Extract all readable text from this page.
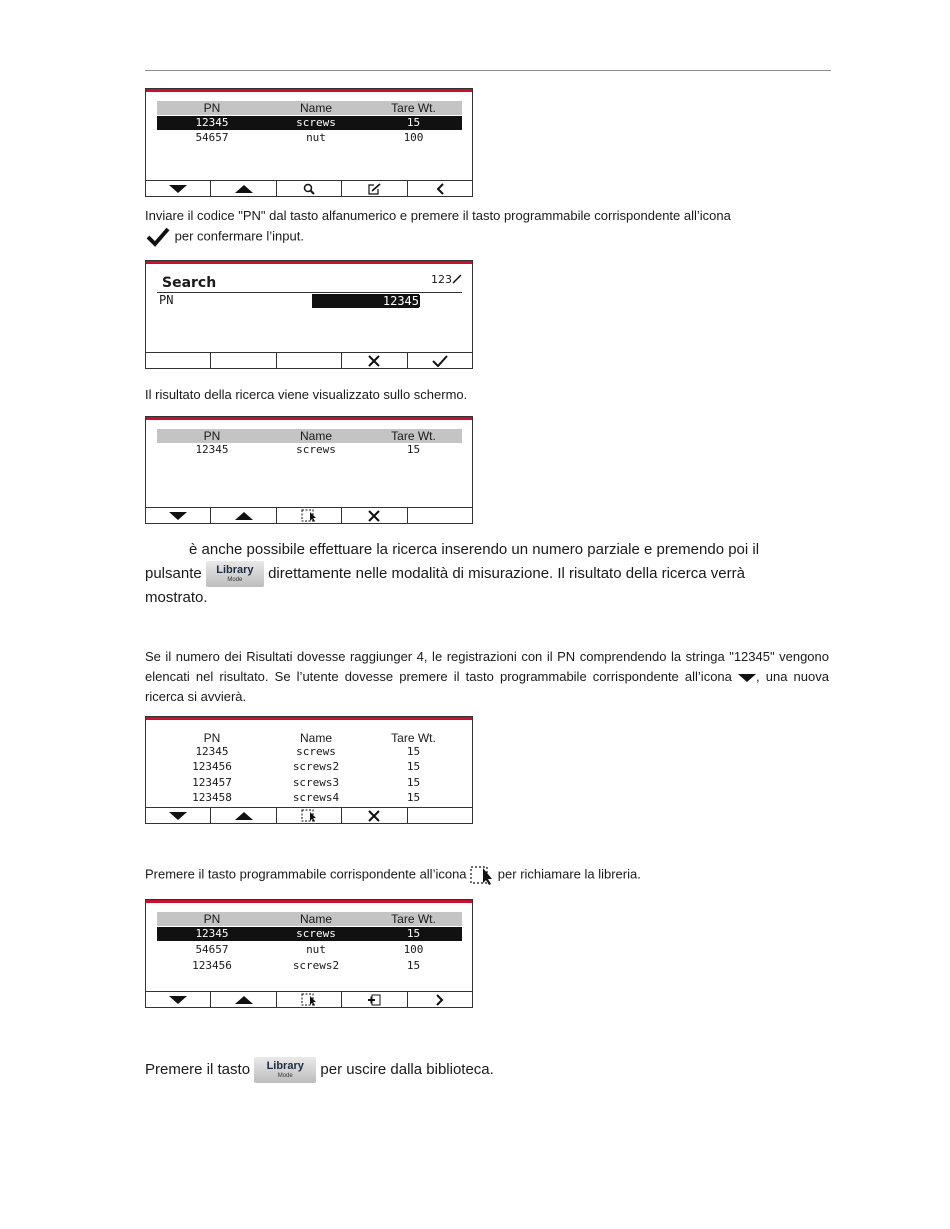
PN	Name	Tare Wt.
12345	screws	15
54657	nut	100
Inviare il codice "PN" dal tasto alfanumerico e premere il tasto programmabile corrispondente all’icona
per confermare l’input.
Search	123
PN	12345
Il risultato della ricerca viene visualizzato sullo schermo.
PN	Name	Tare Wt.
12345	screws	15
è anche possibile effettuare la ricerca inserendo un numero parziale e premendo poi il
pulsante	Library
Mode	direttamente nelle modalità di misurazione. Il risultato della ricerca verrà
mostrato.
Se il numero dei Risultati dovesse raggiunger 4, le registrazioni con il PN comprendendo la stringa "12345" vengono elencati nel risultato. Se l’utente dovesse premere il tasto programmabile corrispondente all’icona , una nuova ricerca si avvierà.
PN	Name	Tare Wt.
12345	screws	15
123456	screws2	15
123457	screws3	15
123458	screws4	15
Premere il tasto programmabile corrispondente all’icona per richiamare la libreria.
PN	Name	Tare Wt.
12345	screws	15
54657	nut	100
123456	screws2	15
Premere il tasto	Library
Mode	per uscire dalla biblioteca.
